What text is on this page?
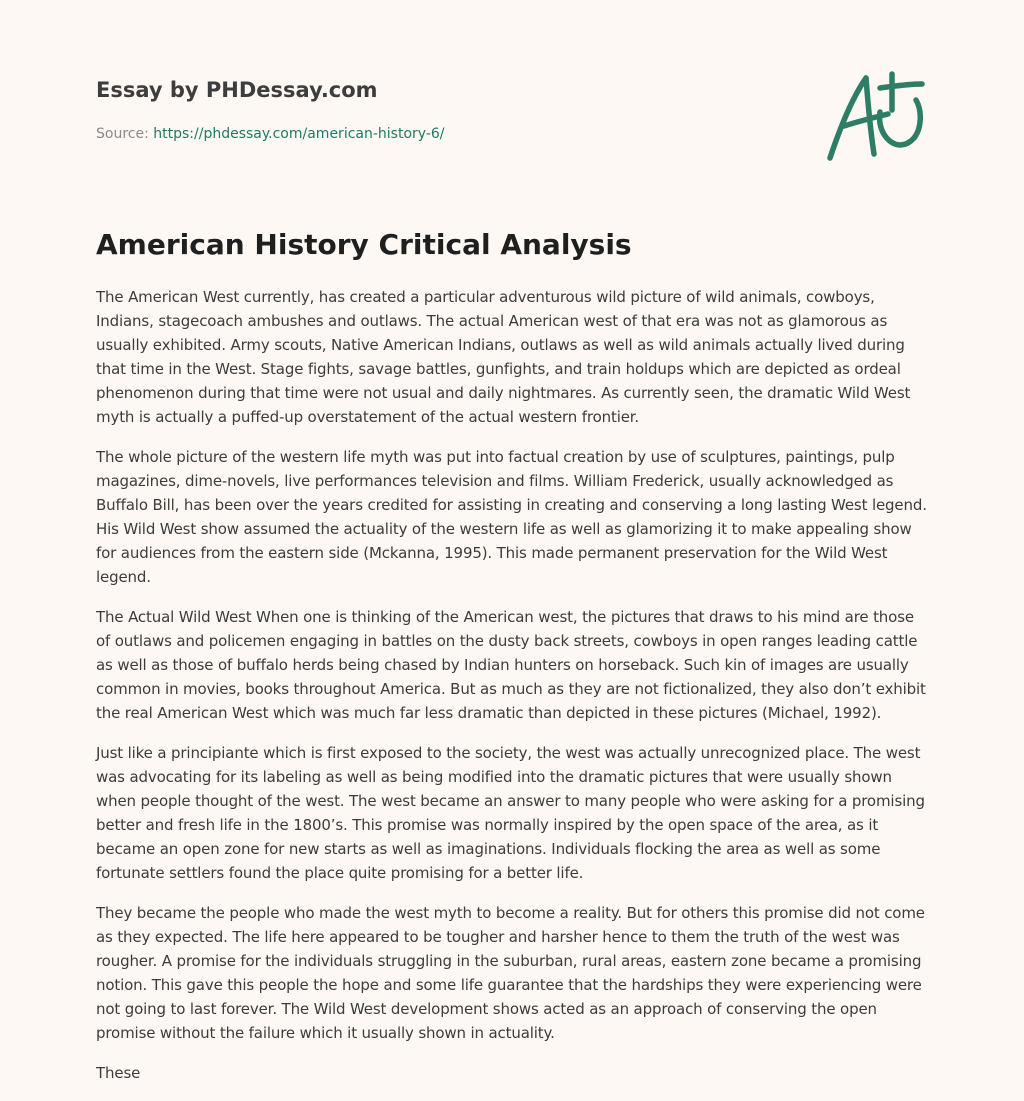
Essay by PHDessay.com
Source: https://phdessay.com/american-history-6/
American History Critical Analysis

The American West currently, has created a particular adventurous wild picture of wild animals, cowboys, Indians, stagecoach ambushes and outlaws. The actual American west of that era was not as glamorous as usually exhibited. Army scouts, Native American Indians, outlaws as well as wild animals actually lived during that time in the West. Stage fights, savage battles, gunfights, and train holdups which are depicted as ordeal phenomenon during that time were not usual and daily nightmares. As currently seen, the dramatic Wild West myth is actually a puffed-up overstatement of the actual western frontier.

The whole picture of the western life myth was put into factual creation by use of sculptures, paintings, pulp magazines, dime-novels, live performances television and films. William Frederick, usually acknowledged as Buffalo Bill, has been over the years credited for assisting in creating and conserving a long lasting West legend. His Wild West show assumed the actuality of the western life as well as glamorizing it to make appealing show for audiences from the eastern side (Mckanna, 1995). This made permanent preservation for the Wild West legend.

The Actual Wild West When one is thinking of the American west, the pictures that draws to his mind are those of outlaws and policemen engaging in battles on the dusty back streets, cowboys in open ranges leading cattle as well as those of buffalo herds being chased by Indian hunters on horseback. Such kin of images are usually common in movies, books throughout America. But as much as they are not fictionalized, they also don’t exhibit the real American West which was much far less dramatic than depicted in these pictures (Michael, 1992).

Just like a principiante which is first exposed to the society, the west was actually unrecognized place. The west was advocating for its labeling as well as being modified into the dramatic pictures that were usually shown when people thought of the west. The west became an answer to many people who were asking for a promising better and fresh life in the 1800’s. This promise was normally inspired by the open space of the area, as it became an open zone for new starts as well as imaginations. Individuals flocking the area as well as some fortunate settlers found the place quite promising for a better life.

They became the people who made the west myth to become a reality. But for others this promise did not come as they expected. The life here appeared to be tougher and harsher hence to them the truth of the west was rougher. A promise for the individuals struggling in the suburban, rural areas, eastern zone became a promising notion. This gave this people the hope and some life guarantee that the hardships they were experiencing were not going to last forever. The Wild West development shows acted as an approach of conserving the open promise without the failure which it usually shown in actuality.

These
